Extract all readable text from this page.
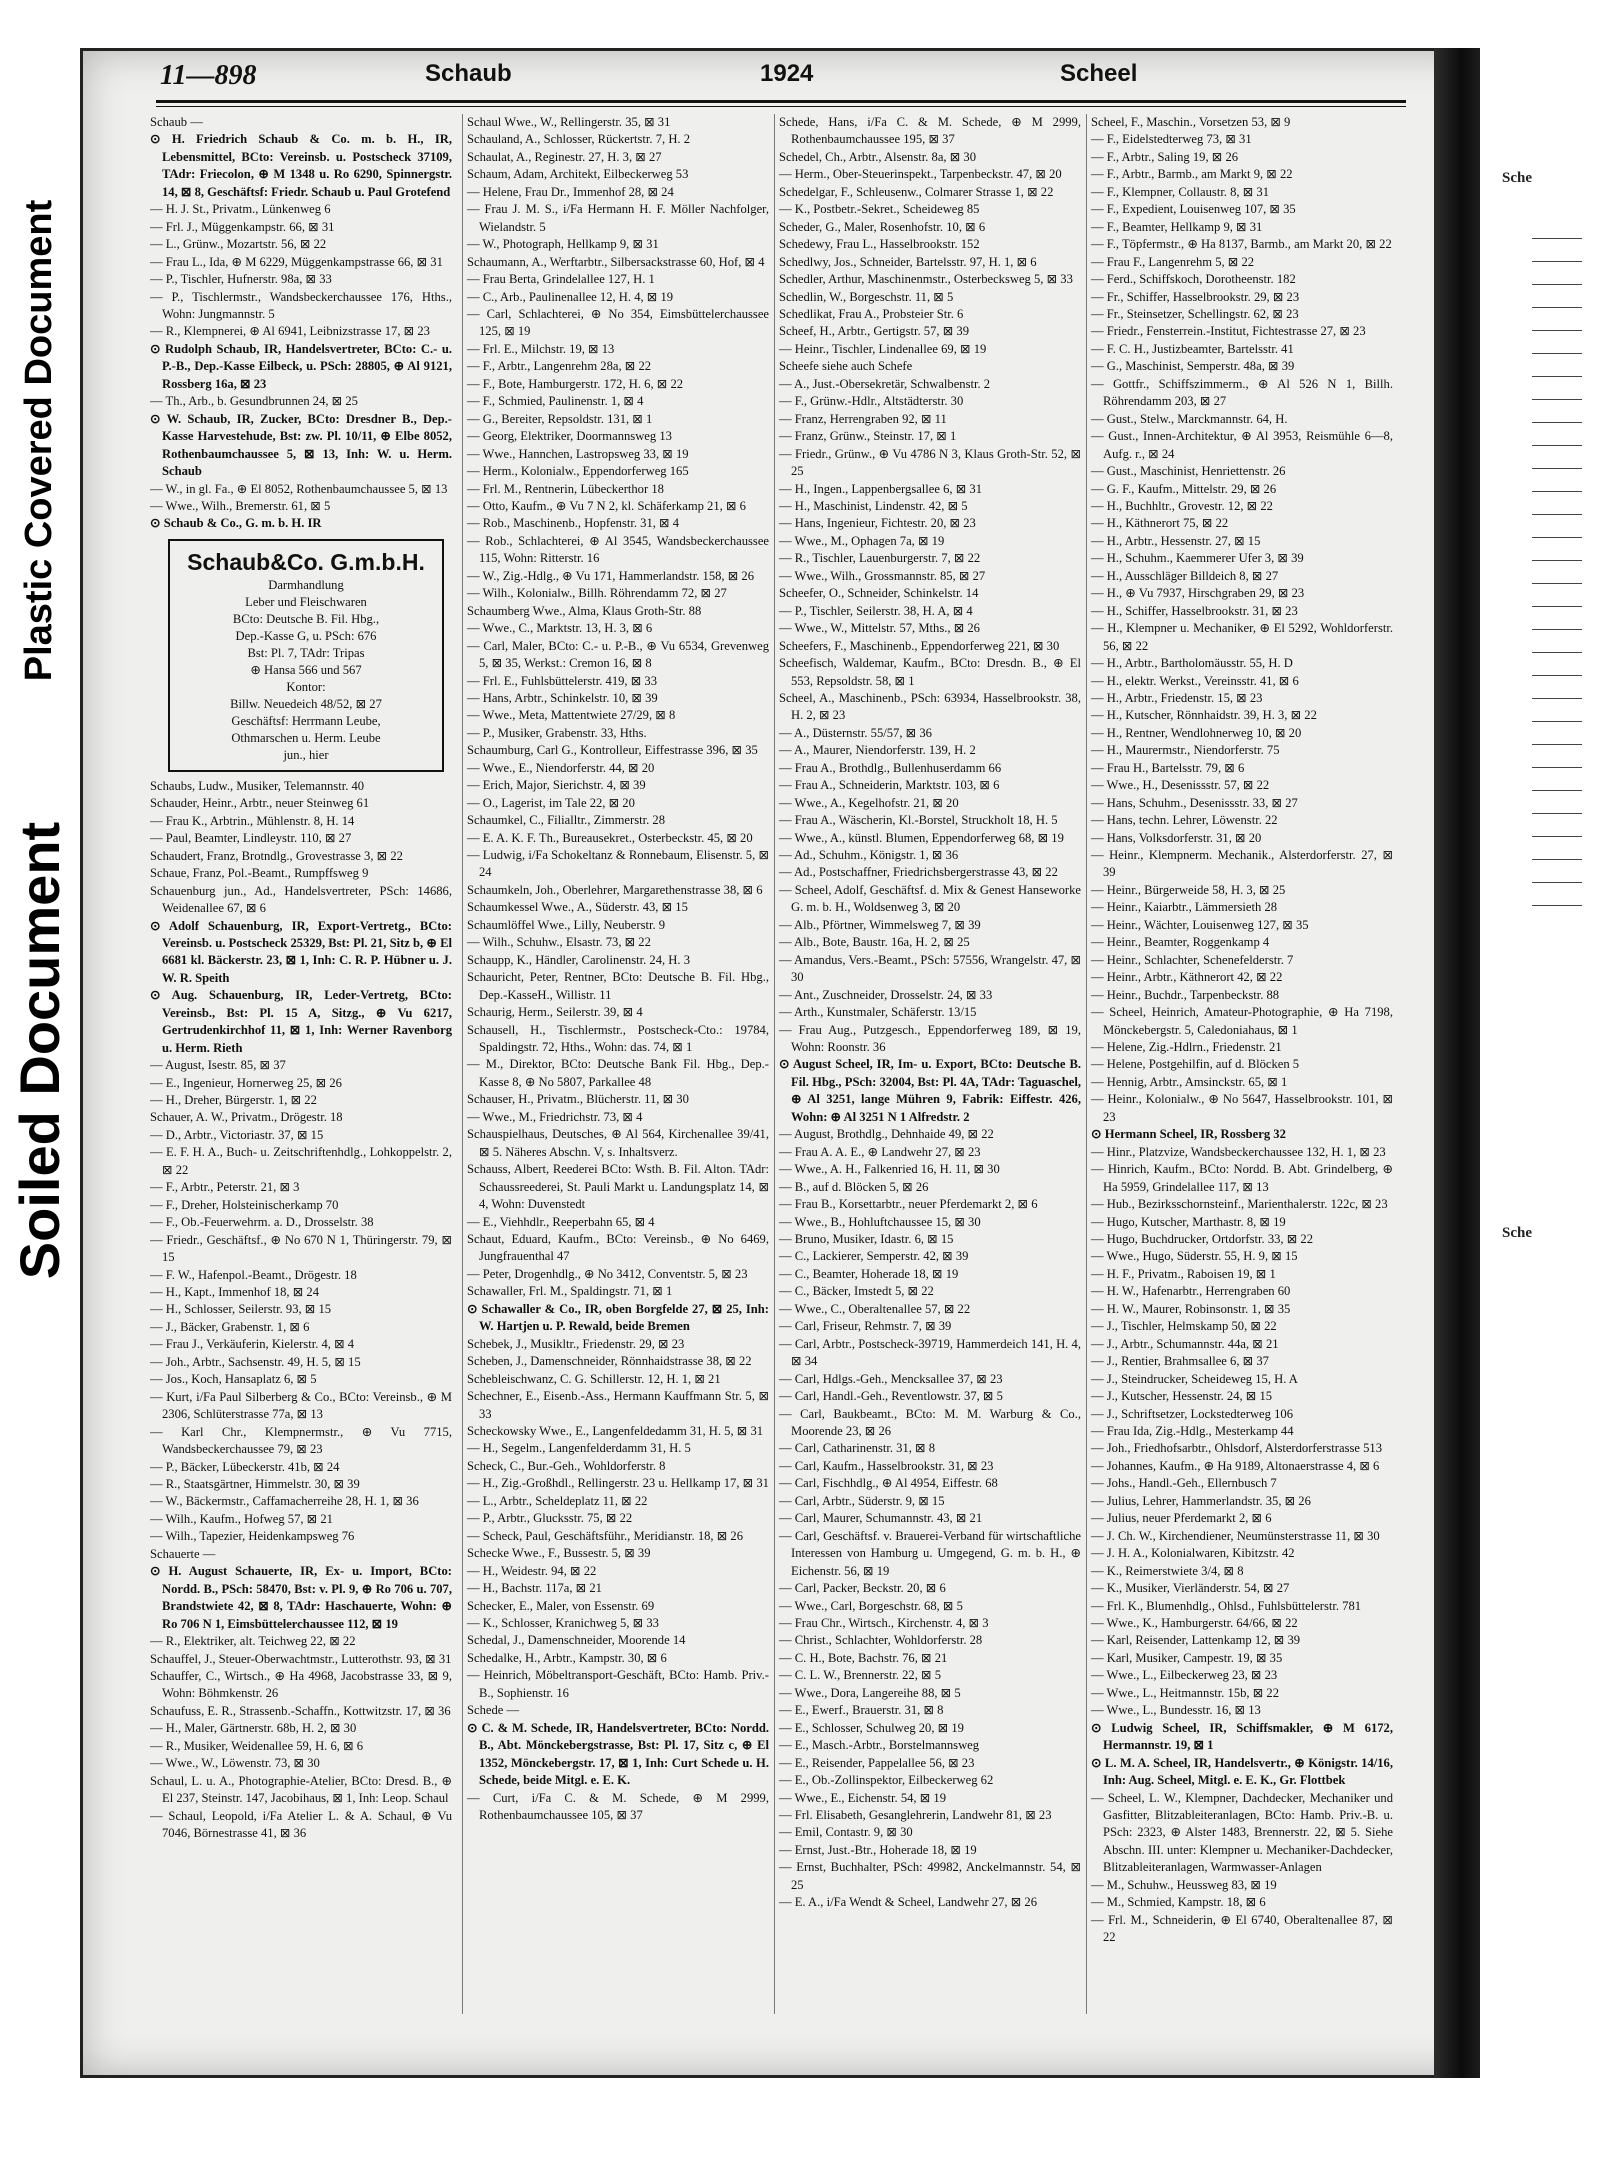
Plastic Covered Document
Soiled Document
Sche
Sche
11—898	Schaub	1924	Scheel

Schaub —

⊙ H. Friedrich Schaub & Co. m. b. H., IR, Lebensmittel, BCto: Vereinsb. u. Postscheck 37109, TAdr: Friecolon, ⊕ M 1348 u. Ro 6290, Spinnergstr. 14, ⊠ 8, Geschäftsf: Friedr. Schaub u. Paul Grotefend

— H. J. St., Privatm., Lünkenweg 6

— Frl. J., Müggenkampstr. 66, ⊠ 31

— L., Grünw., Mozartstr. 56, ⊠ 22

— Frau L., Ida, ⊕ M 6229, Müggenkampstrasse 66, ⊠ 31

— P., Tischler, Hufnerstr. 98a, ⊠ 33

— P., Tischlermstr., Wandsbeckerchaussee 176, Hths., Wohn: Jungmannstr. 5

— R., Klempnerei, ⊕ Al 6941, Leibnizstrasse 17, ⊠ 23

⊙ Rudolph Schaub, IR, Handelsvertreter, BCto: C.- u. P.-B., Dep.-Kasse Eilbeck, u. PSch: 28805, ⊕ Al 9121, Rossberg 16a, ⊠ 23

— Th., Arb., b. Gesundbrunnen 24, ⊠ 25

⊙ W. Schaub, IR, Zucker, BCto: Dresdner B., Dep.-Kasse Harvestehude, Bst: zw. Pl. 10/11, ⊕ Elbe 8052, Rothenbaumchaussee 5, ⊠ 13, Inh: W. u. Herm. Schaub

— W., in gl. Fa., ⊕ El 8052, Rothenbaumchaussee 5, ⊠ 13

— Wwe., Wilh., Bremerstr. 61, ⊠ 5

⊙ Schaub & Co., G. m. b. H. IR

Schaub&Co. G.m.b.H.
Darmhandlung
Leber und Fleischwaren
BCto: Deutsche B. Fil. Hbg.,
Dep.-Kasse G, u. PSch: 676
Bst: Pl. 7, TAdr: Tripas
⊕ Hansa 566 und 567
Kontor:
Billw. Neuedeich 48/52, ⊠ 27
Geschäftsf: Herrmann Leube,
Othmarschen u. Herm. Leube
jun., hier

Schaubs, Ludw., Musiker, Telemannstr. 40

Schauder, Heinr., Arbtr., neuer Steinweg 61

— Frau K., Arbtrin., Mühlenstr. 8, H. 14

— Paul, Beamter, Lindleystr. 110, ⊠ 27

Schaudert, Franz, Brotndlg., Grovestrasse 3, ⊠ 22

Schaue, Franz, Pol.-Beamt., Rumpffsweg 9

Schauenburg jun., Ad., Handelsvertreter, PSch: 14686, Weidenallee 67, ⊠ 6

⊙ Adolf Schauenburg, IR, Export-Vertretg., BCto: Vereinsb. u. Postscheck 25329, Bst: Pl. 21, Sitz b, ⊕ El 6681 kl. Bäckerstr. 23, ⊠ 1, Inh: C. R. P. Hübner u. J. W. R. Speith

⊙ Aug. Schauenburg, IR, Leder-Vertretg, BCto: Vereinsb., Bst: Pl. 15 A, Sitzg., ⊕ Vu 6217, Gertrudenkirchhof 11, ⊠ 1, Inh: Werner Ravenborg u. Herm. Rieth

— August, Isestr. 85, ⊠ 37

— E., Ingenieur, Hornerweg 25, ⊠ 26

— H., Dreher, Bürgerstr. 1, ⊠ 22

Schauer, A. W., Privatm., Drögestr. 18

— D., Arbtr., Victoriastr. 37, ⊠ 15

— E. F. H. A., Buch- u. Zeitschriftenhdlg., Lohkoppelstr. 2, ⊠ 22

— F., Arbtr., Peterstr. 21, ⊠ 3

— F., Dreher, Holsteinischerkamp 70

— F., Ob.-Feuerwehrm. a. D., Drosselstr. 38

— Friedr., Geschäftsf., ⊕ No 670 N 1, Thüringerstr. 79, ⊠ 15

— F. W., Hafenpol.-Beamt., Drögestr. 18

— H., Kapt., Immenhof 18, ⊠ 24

— H., Schlosser, Seilerstr. 93, ⊠ 15

— J., Bäcker, Grabenstr. 1, ⊠ 6

— Frau J., Verkäuferin, Kielerstr. 4, ⊠ 4

— Joh., Arbtr., Sachsenstr. 49, H. 5, ⊠ 15

— Jos., Koch, Hansaplatz 6, ⊠ 5

— Kurt, i/Fa Paul Silberberg & Co., BCto: Vereinsb., ⊕ M 2306, Schlüterstrasse 77a, ⊠ 13

— Karl Chr., Klempnermstr., ⊕ Vu 7715, Wandsbeckerchaussee 79, ⊠ 23

— P., Bäcker, Lübeckerstr. 41b, ⊠ 24

— R., Staatsgärtner, Himmelstr. 30, ⊠ 39

— W., Bäckermstr., Caffamacherreihe 28, H. 1, ⊠ 36

— Wilh., Kaufm., Hofweg 57, ⊠ 21

— Wilh., Tapezier, Heidenkampsweg 76

Schauerte —

⊙ H. August Schauerte, IR, Ex- u. Import, BCto: Nordd. B., PSch: 58470, Bst: v. Pl. 9, ⊕ Ro 706 u. 707, Brandstwiete 42, ⊠ 8, TAdr: Haschauerte, Wohn: ⊕ Ro 706 N 1, Eimsbüttelerchaussee 112, ⊠ 19

— R., Elektriker, alt. Teichweg 22, ⊠ 22

Schauffel, J., Steuer-Oberwachtmstr., Lutterothstr. 93, ⊠ 31

Schauffer, C., Wirtsch., ⊕ Ha 4968, Jacobstrasse 33, ⊠ 9, Wohn: Böhmkenstr. 26

Schaufuss, E. R., Strassenb.-Schaffn., Kottwitzstr. 17, ⊠ 36

— H., Maler, Gärtnerstr. 68b, H. 2, ⊠ 30

— R., Musiker, Weidenallee 59, H. 6, ⊠ 6

— Wwe., W., Löwenstr. 73, ⊠ 30

Schaul, L. u. A., Photographie-Atelier, BCto: Dresd. B., ⊕ El 237, Steinstr. 147, Jacobihaus, ⊠ 1, Inh: Leop. Schaul

— Schaul, Leopold, i/Fa Atelier L. & A. Schaul, ⊕ Vu 7046, Börnestrasse 41, ⊠ 36

Schaul Wwe., W., Rellingerstr. 35, ⊠ 31

Schauland, A., Schlosser, Rückertstr. 7, H. 2

Schaulat, A., Reginestr. 27, H. 3, ⊠ 27

Schaum, Adam, Architekt, Eilbeckerweg 53

— Helene, Frau Dr., Immenhof 28, ⊠ 24

— Frau J. M. S., i/Fa Hermann H. F. Möller Nachfolger, Wielandstr. 5

— W., Photograph, Hellkamp 9, ⊠ 31

Schaumann, A., Werftarbtr., Silbersackstrasse 60, Hof, ⊠ 4

— Frau Berta, Grindelallee 127, H. 1

— C., Arb., Paulinenallee 12, H. 4, ⊠ 19

— Carl, Schlachterei, ⊕ No 354, Eimsbüttelerchaussee 125, ⊠ 19

— Frl. E., Milchstr. 19, ⊠ 13

— F., Arbtr., Langenrehm 28a, ⊠ 22

— F., Bote, Hamburgerstr. 172, H. 6, ⊠ 22

— F., Schmied, Paulinenstr. 1, ⊠ 4

— G., Bereiter, Repsoldstr. 131, ⊠ 1

— Georg, Elektriker, Doormannsweg 13

— Wwe., Hannchen, Lastropsweg 33, ⊠ 19

— Herm., Kolonialw., Eppendorferweg 165

— Frl. M., Rentnerin, Lübeckerthor 18

— Otto, Kaufm., ⊕ Vu 7 N 2, kl. Schäferkamp 21, ⊠ 6

— Rob., Maschinenb., Hopfenstr. 31, ⊠ 4

— Rob., Schlachterei, ⊕ Al 3545, Wandsbeckerchaussee 115, Wohn: Ritterstr. 16

— W., Zig.-Hdlg., ⊕ Vu 171, Hammerlandstr. 158, ⊠ 26

— Wilh., Kolonialw., Billh. Röhrendamm 72, ⊠ 27

Schaumberg Wwe., Alma, Klaus Groth-Str. 88

— Wwe., C., Marktstr. 13, H. 3, ⊠ 6

— Carl, Maler, BCto: C.- u. P.-B., ⊕ Vu 6534, Grevenweg 5, ⊠ 35, Werkst.: Cremon 16, ⊠ 8

— Frl. E., Fuhlsbüttelerstr. 419, ⊠ 33

— Hans, Arbtr., Schinkelstr. 10, ⊠ 39

— Wwe., Meta, Mattentwiete 27/29, ⊠ 8

— P., Musiker, Grabenstr. 33, Hths.

Schaumburg, Carl G., Kontrolleur, Eiffestrasse 396, ⊠ 35

— Wwe., E., Niendorferstr. 44, ⊠ 20

— Erich, Major, Sierichstr. 4, ⊠ 39

— O., Lagerist, im Tale 22, ⊠ 20

Schaumkel, C., Filialltr., Zimmerstr. 28

— E. A. K. F. Th., Bureausekret., Osterbeckstr. 45, ⊠ 20

— Ludwig, i/Fa Schokeltanz & Ronnebaum, Elisenstr. 5, ⊠ 24

Schaumkeln, Joh., Oberlehrer, Margarethenstrasse 38, ⊠ 6

Schaumkessel Wwe., A., Süderstr. 43, ⊠ 15

Schaumlöffel Wwe., Lilly, Neuberstr. 9

— Wilh., Schuhw., Elsastr. 73, ⊠ 22

Schaupp, K., Händler, Carolinenstr. 24, H. 3

Schauricht, Peter, Rentner, BCto: Deutsche B. Fil. Hbg., Dep.-KasseH., Willistr. 11

Schaurig, Herm., Seilerstr. 39, ⊠ 4

Schausell, H., Tischlermstr., Postscheck-Cto.: 19784, Spaldingstr. 72, Hths., Wohn: das. 74, ⊠ 1

— M., Direktor, BCto: Deutsche Bank Fil. Hbg., Dep.-Kasse 8, ⊕ No 5807, Parkallee 48

Schauser, H., Privatm., Blücherstr. 11, ⊠ 30

— Wwe., M., Friedrichstr. 73, ⊠ 4

Schauspielhaus, Deutsches, ⊕ Al 564, Kirchenallee 39/41, ⊠ 5. Näheres Abschn. V, s. Inhaltsverz.

Schauss, Albert, Reederei BCto: Wsth. B. Fil. Alton. TAdr: Schaussreederei, St. Pauli Markt u. Landungsplatz 14, ⊠ 4, Wohn: Duvenstedt

— E., Viehhdlr., Reeperbahn 65, ⊠ 4

Schaut, Eduard, Kaufm., BCto: Vereinsb., ⊕ No 6469, Jungfrauenthal 47

— Peter, Drogenhdlg., ⊕ No 3412, Conventstr. 5, ⊠ 23

Schawaller, Frl. M., Spaldingstr. 71, ⊠ 1

⊙ Schawaller & Co., IR, oben Borgfelde 27, ⊠ 25, Inh: W. Hartjen u. P. Rewald, beide Bremen

Schebek, J., Musikltr., Friedenstr. 29, ⊠ 23

Scheben, J., Damenschneider, Rönnhaidstrasse 38, ⊠ 22

Schebleischwanz, C. G. Schillerstr. 12, H. 1, ⊠ 21

Schechner, E., Eisenb.-Ass., Hermann Kauffmann Str. 5, ⊠ 33

Scheckowsky Wwe., E., Langenfeldedamm 31, H. 5, ⊠ 31

— H., Segelm., Langenfelderdamm 31, H. 5

Scheck, C., Bur.-Geh., Wohldorferstr. 8

— H., Zig.-Großhdl., Rellingerstr. 23 u. Hellkamp 17, ⊠ 31

— L., Arbtr., Scheldeplatz 11, ⊠ 22

— P., Arbtr., Glucksstr. 75, ⊠ 22

— Scheck, Paul, Geschäftsführ., Meridianstr. 18, ⊠ 26

Schecke Wwe., F., Bussestr. 5, ⊠ 39

— H., Weidestr. 94, ⊠ 22

— H., Bachstr. 117a, ⊠ 21

Schecker, E., Maler, von Essenstr. 69

— K., Schlosser, Kranichweg 5, ⊠ 33

Schedal, J., Damenschneider, Moorende 14

Schedalke, H., Arbtr., Kampstr. 30, ⊠ 6

— Heinrich, Möbeltransport-Geschäft, BCto: Hamb. Priv.-B., Sophienstr. 16

Schede —

⊙ C. & M. Schede, IR, Handelsvertreter, BCto: Nordd. B., Abt. Mönckebergstrasse, Bst: Pl. 17, Sitz c, ⊕ El 1352, Mönckebergstr. 17, ⊠ 1, Inh: Curt Schede u. H. Schede, beide Mitgl. e. E. K.

— Curt, i/Fa C. & M. Schede, ⊕ M 2999, Rothenbaumchaussee 105, ⊠ 37

Schede, Hans, i/Fa C. & M. Schede, ⊕ M 2999, Rothenbaumchaussee 195, ⊠ 37

Schedel, Ch., Arbtr., Alsenstr. 8a, ⊠ 30

— Herm., Ober-Steuerinspekt., Tarpenbeckstr. 47, ⊠ 20

Schedelgar, F., Schleusenw., Colmarer Strasse 1, ⊠ 22

— K., Postbetr.-Sekret., Scheideweg 85

Scheder, G., Maler, Rosenhofstr. 10, ⊠ 6

Schedewy, Frau L., Hasselbrookstr. 152

Schedlwy, Jos., Schneider, Bartelsstr. 97, H. 1, ⊠ 6

Schedler, Arthur, Maschinenmstr., Osterbecksweg 5, ⊠ 33

Schedlin, W., Borgeschstr. 11, ⊠ 5

Schedlikat, Frau A., Probsteier Str. 6

Scheef, H., Arbtr., Gertigstr. 57, ⊠ 39

— Heinr., Tischler, Lindenallee 69, ⊠ 19

Scheefe siehe auch Schefe

— A., Just.-Obersekretär, Schwalbenstr. 2

— F., Grünw.-Hdlr., Altstädterstr. 30

— Franz, Herrengraben 92, ⊠ 11

— Franz, Grünw., Steinstr. 17, ⊠ 1

— Friedr., Grünw., ⊕ Vu 4786 N 3, Klaus Groth-Str. 52, ⊠ 25

— H., Ingen., Lappenbergsallee 6, ⊠ 31

— H., Maschinist, Lindenstr. 42, ⊠ 5

— Hans, Ingenieur, Fichtestr. 20, ⊠ 23

— Wwe., M., Ophagen 7a, ⊠ 19

— R., Tischler, Lauenburgerstr. 7, ⊠ 22

— Wwe., Wilh., Grossmannstr. 85, ⊠ 27

Scheefer, O., Schneider, Schinkelstr. 14

— P., Tischler, Seilerstr. 38, H. A, ⊠ 4

— Wwe., W., Mittelstr. 57, Mths., ⊠ 26

Scheefers, F., Maschinenb., Eppendorferweg 221, ⊠ 30

Scheefisch, Waldemar, Kaufm., BCto: Dresdn. B., ⊕ El 553, Repsoldstr. 58, ⊠ 1

Scheel, A., Maschinenb., PSch: 63934, Hasselbrookstr. 38, H. 2, ⊠ 23

— A., Düsternstr. 55/57, ⊠ 36

— A., Maurer, Niendorferstr. 139, H. 2

— Frau A., Brothdlg., Bullenhuserdamm 66

— Frau A., Schneiderin, Marktstr. 103, ⊠ 6

— Wwe., A., Kegelhofstr. 21, ⊠ 20

— Frau A., Wäscherin, Kl.-Borstel, Struckholt 18, H. 5

— Wwe., A., künstl. Blumen, Eppendorferweg 68, ⊠ 19

— Ad., Schuhm., Königstr. 1, ⊠ 36

— Ad., Postschaffner, Friedrichsbergerstrasse 43, ⊠ 22

— Scheel, Adolf, Geschäftsf. d. Mix & Genest Hanseworke G. m. b. H., Woldsenweg 3, ⊠ 20

— Alb., Pförtner, Wimmelsweg 7, ⊠ 39

— Alb., Bote, Baustr. 16a, H. 2, ⊠ 25

— Amandus, Vers.-Beamt., PSch: 57556, Wrangelstr. 47, ⊠ 30

— Ant., Zuschneider, Drosselstr. 24, ⊠ 33

— Arth., Kunstmaler, Schäferstr. 13/15

— Frau Aug., Putzgesch., Eppendorferweg 189, ⊠ 19, Wohn: Roonstr. 36

⊙ August Scheel, IR, Im- u. Export, BCto: Deutsche B. Fil. Hbg., PSch: 32004, Bst: Pl. 4A, TAdr: Taguaschel, ⊕ Al 3251, lange Mühren 9, Fabrik: Eiffestr. 426, Wohn: ⊕ Al 3251 N 1 Alfredstr. 2

— August, Brothdlg., Dehnhaide 49, ⊠ 22

— Frau A. A. E., ⊕ Landwehr 27, ⊠ 23

— Wwe., A. H., Falkenried 16, H. 11, ⊠ 30

— B., auf d. Blöcken 5, ⊠ 26

— Frau B., Korsettarbtr., neuer Pferdemarkt 2, ⊠ 6

— Wwe., B., Hohluftchaussee 15, ⊠ 30

— Bruno, Musiker, Idastr. 6, ⊠ 15

— C., Lackierer, Semperstr. 42, ⊠ 39

— C., Beamter, Hoherade 18, ⊠ 19

— C., Bäcker, Imstedt 5, ⊠ 22

— Wwe., C., Oberaltenallee 57, ⊠ 22

— Carl, Friseur, Rehmstr. 7, ⊠ 39

— Carl, Arbtr., Postscheck-39719, Hammerdeich 141, H. 4, ⊠ 34

— Carl, Hdlgs.-Geh., Mencksallee 37, ⊠ 23

— Carl, Handl.-Geh., Reventlowstr. 37, ⊠ 5

— Carl, Baukbeamt., BCto: M. M. Warburg & Co., Moorende 23, ⊠ 26

— Carl, Catharinenstr. 31, ⊠ 8

— Carl, Kaufm., Hasselbrookstr. 31, ⊠ 23

— Carl, Fischhdlg., ⊕ Al 4954, Eiffestr. 68

— Carl, Arbtr., Süderstr. 9, ⊠ 15

— Carl, Maurer, Schumannstr. 43, ⊠ 21

— Carl, Geschäftsf. v. Brauerei-Verband für wirtschaftliche Interessen von Hamburg u. Umgegend, G. m. b. H., ⊕ Eichenstr. 56, ⊠ 19

— Carl, Packer, Beckstr. 20, ⊠ 6

— Wwe., Carl, Borgeschstr. 68, ⊠ 5

— Frau Chr., Wirtsch., Kirchenstr. 4, ⊠ 3

— Christ., Schlachter, Wohldorferstr. 28

— C. H., Bote, Bachstr. 76, ⊠ 21

— C. L. W., Brennerstr. 22, ⊠ 5

— Wwe., Dora, Langereihe 88, ⊠ 5

— E., Ewerf., Brauerstr. 31, ⊠ 8

— E., Schlosser, Schulweg 20, ⊠ 19

— E., Masch.-Arbtr., Borstelmannsweg

— E., Reisender, Pappelallee 56, ⊠ 23

— E., Ob.-Zollinspektor, Eilbeckerweg 62

— Wwe., E., Eichenstr. 54, ⊠ 19

— Frl. Elisabeth, Gesanglehrerin, Landwehr 81, ⊠ 23

— Emil, Contastr. 9, ⊠ 30

— Ernst, Just.-Btr., Hoherade 18, ⊠ 19

— Ernst, Buchhalter, PSch: 49982, Anckelmannstr. 54, ⊠ 25

— E. A., i/Fa Wendt & Scheel, Landwehr 27, ⊠ 26

Scheel, F., Maschin., Vorsetzen 53, ⊠ 9

— F., Eidelstedterweg 73, ⊠ 31

— F., Arbtr., Saling 19, ⊠ 26

— F., Arbtr., Barmb., am Markt 9, ⊠ 22

— F., Klempner, Collaustr. 8, ⊠ 31

— F., Expedient, Louisenweg 107, ⊠ 35

— F., Beamter, Hellkamp 9, ⊠ 31

— F., Töpfermstr., ⊕ Ha 8137, Barmb., am Markt 20, ⊠ 22

— Frau F., Langenrehm 5, ⊠ 22

— Ferd., Schiffskoch, Dorotheenstr. 182

— Fr., Schiffer, Hasselbrookstr. 29, ⊠ 23

— Fr., Steinsetzer, Schellingstr. 62, ⊠ 23

— Friedr., Fensterrein.-Institut, Fichtestrasse 27, ⊠ 23

— F. C. H., Justizbeamter, Bartelsstr. 41

— G., Maschinist, Semperstr. 48a, ⊠ 39

— Gottfr., Schiffszimmerm., ⊕ Al 526 N 1, Billh. Röhrendamm 203, ⊠ 27

— Gust., Stelw., Marckmannstr. 64, H.

— Gust., Innen-Architektur, ⊕ Al 3953, Reismühle 6—8, Aufg. r., ⊠ 24

— Gust., Maschinist, Henriettenstr. 26

— G. F., Kaufm., Mittelstr. 29, ⊠ 26

— H., Buchhltr., Grovestr. 12, ⊠ 22

— H., Käthnerort 75, ⊠ 22

— H., Arbtr., Hessenstr. 27, ⊠ 15

— H., Schuhm., Kaemmerer Ufer 3, ⊠ 39

— H., Ausschläger Billdeich 8, ⊠ 27

— H., ⊕ Vu 7937, Hirschgraben 29, ⊠ 23

— H., Schiffer, Hasselbrookstr. 31, ⊠ 23

— H., Klempner u. Mechaniker, ⊕ El 5292, Wohldorferstr. 56, ⊠ 22

— H., Arbtr., Bartholomäusstr. 55, H. D

— H., elektr. Werkst., Vereinsstr. 41, ⊠ 6

— H., Arbtr., Friedenstr. 15, ⊠ 23

— H., Kutscher, Rönnhaidstr. 39, H. 3, ⊠ 22

— H., Rentner, Wendlohnerweg 10, ⊠ 20

— H., Maurermstr., Niendorferstr. 75

— Frau H., Bartelsstr. 79, ⊠ 6

— Wwe., H., Desenissstr. 57, ⊠ 22

— Hans, Schuhm., Desenissstr. 33, ⊠ 27

— Hans, techn. Lehrer, Löwenstr. 22

— Hans, Volksdorferstr. 31, ⊠ 20

— Heinr., Klempnerm. Mechanik., Alsterdorferstr. 27, ⊠ 39

— Heinr., Bürgerweide 58, H. 3, ⊠ 25

— Heinr., Kaiarbtr., Lämmersieth 28

— Heinr., Wächter, Louisenweg 127, ⊠ 35

— Heinr., Beamter, Roggenkamp 4

— Heinr., Schlachter, Schenefelderstr. 7

— Heinr., Arbtr., Käthnerort 42, ⊠ 22

— Heinr., Buchdr., Tarpenbeckstr. 88

— Scheel, Heinrich, Amateur-Photographie, ⊕ Ha 7198, Mönckebergstr. 5, Caledoniahaus, ⊠ 1

— Helene, Zig.-Hdlrn., Friedenstr. 21

— Helene, Postgehilfin, auf d. Blöcken 5

— Hennig, Arbtr., Amsinckstr. 65, ⊠ 1

— Heinr., Kolonialw., ⊕ No 5647, Hasselbrookstr. 101, ⊠ 23

⊙ Hermann Scheel, IR, Rossberg 32

— Hinr., Platzvize, Wandsbeckerchaussee 132, H. 1, ⊠ 23

— Hinrich, Kaufm., BCto: Nordd. B. Abt. Grindelberg, ⊕ Ha 5959, Grindelallee 117, ⊠ 13

— Hub., Bezirksschornsteinf., Marienthalerstr. 122c, ⊠ 23

— Hugo, Kutscher, Marthastr. 8, ⊠ 19

— Hugo, Buchdrucker, Ortdorfstr. 33, ⊠ 22

— Wwe., Hugo, Süderstr. 55, H. 9, ⊠ 15

— H. F., Privatm., Raboisen 19, ⊠ 1

— H. W., Hafenarbtr., Herrengraben 60

— H. W., Maurer, Robinsonstr. 1, ⊠ 35

— J., Tischler, Helmskamp 50, ⊠ 22

— J., Arbtr., Schumannstr. 44a, ⊠ 21

— J., Rentier, Brahmsallee 6, ⊠ 37

— J., Steindrucker, Scheideweg 15, H. A

— J., Kutscher, Hessenstr. 24, ⊠ 15

— J., Schriftsetzer, Lockstedterweg 106

— Frau Ida, Zig.-Hdlg., Mesterkamp 44

— Joh., Friedhofsarbtr., Ohlsdorf, Alsterdorferstrasse 513

— Johannes, Kaufm., ⊕ Ha 9189, Altonaerstrasse 4, ⊠ 6

— Johs., Handl.-Geh., Ellernbusch 7

— Julius, Lehrer, Hammerlandstr. 35, ⊠ 26

— Julius, neuer Pferdemarkt 2, ⊠ 6

— J. Ch. W., Kirchendiener, Neumünsterstrasse 11, ⊠ 30

— J. H. A., Kolonialwaren, Kibitzstr. 42

— K., Reimerstwiete 3/4, ⊠ 8

— K., Musiker, Vierländerstr. 54, ⊠ 27

— Frl. K., Blumenhdlg., Ohlsd., Fuhlsbüttelerstr. 781

— Wwe., K., Hamburgerstr. 64/66, ⊠ 22

— Karl, Reisender, Lattenkamp 12, ⊠ 39

— Karl, Musiker, Campestr. 19, ⊠ 35

— Wwe., L., Eilbeckerweg 23, ⊠ 23

— Wwe., L., Heitmannstr. 15b, ⊠ 22

— Wwe., L., Bundesstr. 16, ⊠ 13

⊙ Ludwig Scheel, IR, Schiffsmakler, ⊕ M 6172, Hermannstr. 19, ⊠ 1

⊙ L. M. A. Scheel, IR, Handelsvertr., ⊕ Königstr. 14/16, Inh: Aug. Scheel, Mitgl. e. E. K., Gr. Flottbek

— Scheel, L. W., Klempner, Dachdecker, Mechaniker und Gasfitter, Blitzableiteranlagen, BCto: Hamb. Priv.-B. u. PSch: 2323, ⊕ Alster 1483, Brennerstr. 22, ⊠ 5. Siehe Abschn. III. unter: Klempner u. Mechaniker-Dachdecker, Blitzableiteranlagen, Warmwasser-Anlagen

— M., Schuhw., Heussweg 83, ⊠ 19

— M., Schmied, Kampstr. 18, ⊠ 6

— Frl. M., Schneiderin, ⊕ El 6740, Oberaltenallee 87, ⊠ 22
